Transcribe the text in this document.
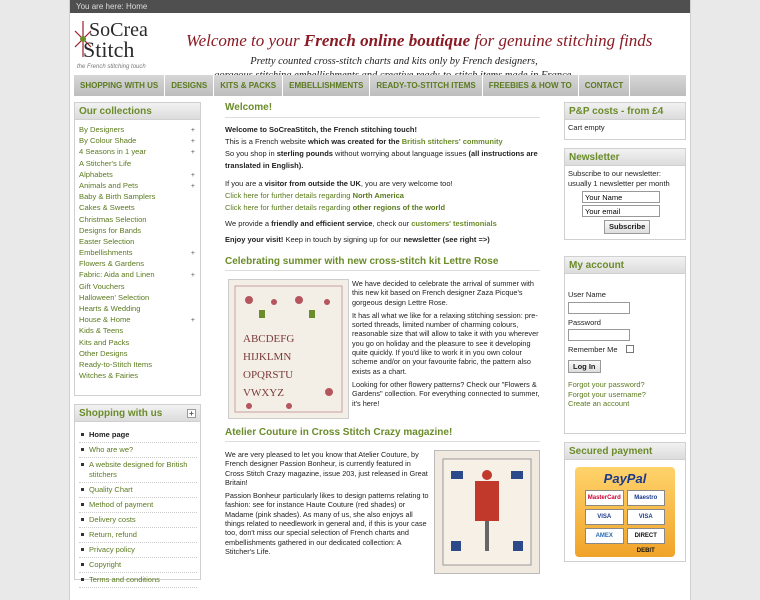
You are here: Home
SoCrea
Stitch
the French stitching touch
Welcome to your French online boutique for genuine stitching finds
Pretty counted cross-stitch charts and kits only by French designers,
SHOPPING WITH US	DESIGNS	KITS & PACKS	EMBELLISHMENTS	READY-TO-STITCH ITEMS	FREEBIES & HOW TO	CONTACT
Our collections
By Designers	+
By Colour Shade	+
4 Seasons in 1 year	+
A Stitcher's Life
Alphabets	+
Animals and Pets	+
Baby & Birth Samplers
Cakes & Sweets
Christmas Selection
Designs for Bands
Easter Selection
Embellishments	+
Flowers & Gardens
Fabric: Aida and Linen	+
Gift Vouchers
Halloween' Selection
Hearts & Wedding
House & Home	+
Kids & Teens
Kits and Packs
Other Designs
Ready-to-Stitch Items
Witches & Fairies
Shopping with us	+
Home page
Who are we?
A website designed for British stitchers
Quality Chart
Method of payment
Delivery costs
Return, refund
Privacy policy
Copyright
Terms and conditions
Welcome!

Welcome to SoCreaStitch, the French stitching touch!

This is a French website which was created for the British stitchers' community

So you shop in sterling pounds without worrying about language issues (all instructions are translated in English).

If you are a visitor from outside the UK, you are very welcome too!

Click here for further details regarding North America

Click here for further details regarding other regions of the world

We provide a friendly and efficient service, check our customers' testimonials

Enjoy your visit! Keep in touch by signing up for our newsletter (see right =>)

Celebrating summer with new cross-stitch kit Lettre Rose
ABCDEFG
HIJKLMN
OPQRSTU
VWXYZ

We have decided to celebrate the arrival of summer with this new kit based on French designer Zaza Picque's gorgeous design Lettre Rose.

It has all what we like for a relaxing stitching session: pre-sorted threads, limited number of charming colours, reasonable size that will allow to take it with you wherever you go on holiday and the pleasure to see it developing quite quickly. If you'd like to work it in you own colour scheme and/or on your favourite fabric, the pattern also exists as a chart.

Looking for other flowery patterns? Check our "Flowers & Gardens" collection. For everything connected to summer, it's here!

Atelier Couture in Cross Stitch Crazy magazine!

We are very pleased to let you know that Atelier Couture, by French designer Passion Bonheur, is currently featured in Cross Stitch Crazy magazine, issue 203, just released in Great Britain!

Passion Bonheur particularly likes to design patterns relating to fashion: see for instance Haute Couture (red shades) or Madame (pink shades). As many of us, she also enjoys all things related to needlework in general and, if this is your case too, don't miss our special selection of French charts and embellishments gathered in our dedicated collection: A Stitcher's Life.

P&P costs - from £4
Cart empty
Newsletter
Subscribe to our newsletter: usually 1 newsletter per month
Your Name Your email
Subscribe
My account
User Name
Password
Remember Me
Log In
Forgot your password?
Forgot your username?
Create an account
Secured payment
PayPal
MasterCard	Maestro
VISA	VISA
AMEX	DIRECT DEBIT
